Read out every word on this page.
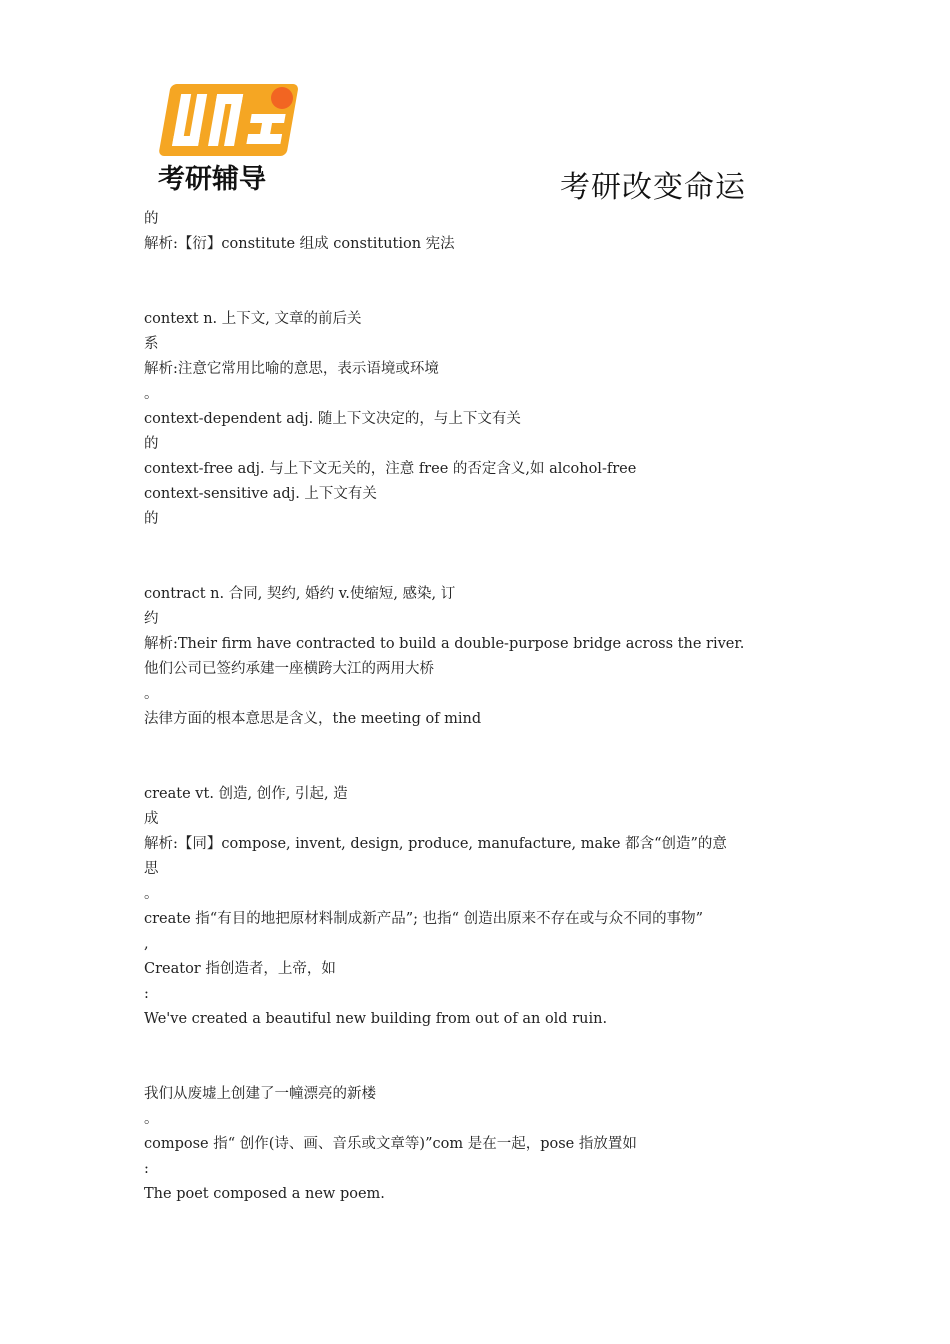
考研辅导	考研改变命运
的
解析:【衍】constitute 组成 constitution 宪法
context n. 上下文, 文章的前后关
系
解析:注意它常用比喻的意思，表示语境或环境
。
context-dependent adj. 随上下文决定的，与上下文有关
的
context-free adj. 与上下文无关的，注意 free 的否定含义,如 alcohol-free
context-sensitive adj. 上下文有关
的
contract n. 合同, 契约, 婚约 v.使缩短, 感染, 订
约
解析:Their firm have contracted to build a double-purpose bridge across the river.
他们公司已签约承建一座横跨大江的两用大桥
。
法律方面的根本意思是含义，the meeting of mind
create vt. 创造, 创作, 引起, 造
成
解析:【同】compose, invent, design, produce, manufacture, make 都含“创造”的意
思
。
create 指“有目的地把原材料制成新产品”; 也指“ 创造出原来不存在或与众不同的事物”
,
Creator 指创造者，上帝，如
:
We've created a beautiful new building from out of an old ruin.
我们从废墟上创建了一幢漂亮的新楼
。
compose 指“ 创作(诗、画、音乐或文章等)”com 是在一起，pose 指放置如
:
The poet composed a new poem.
